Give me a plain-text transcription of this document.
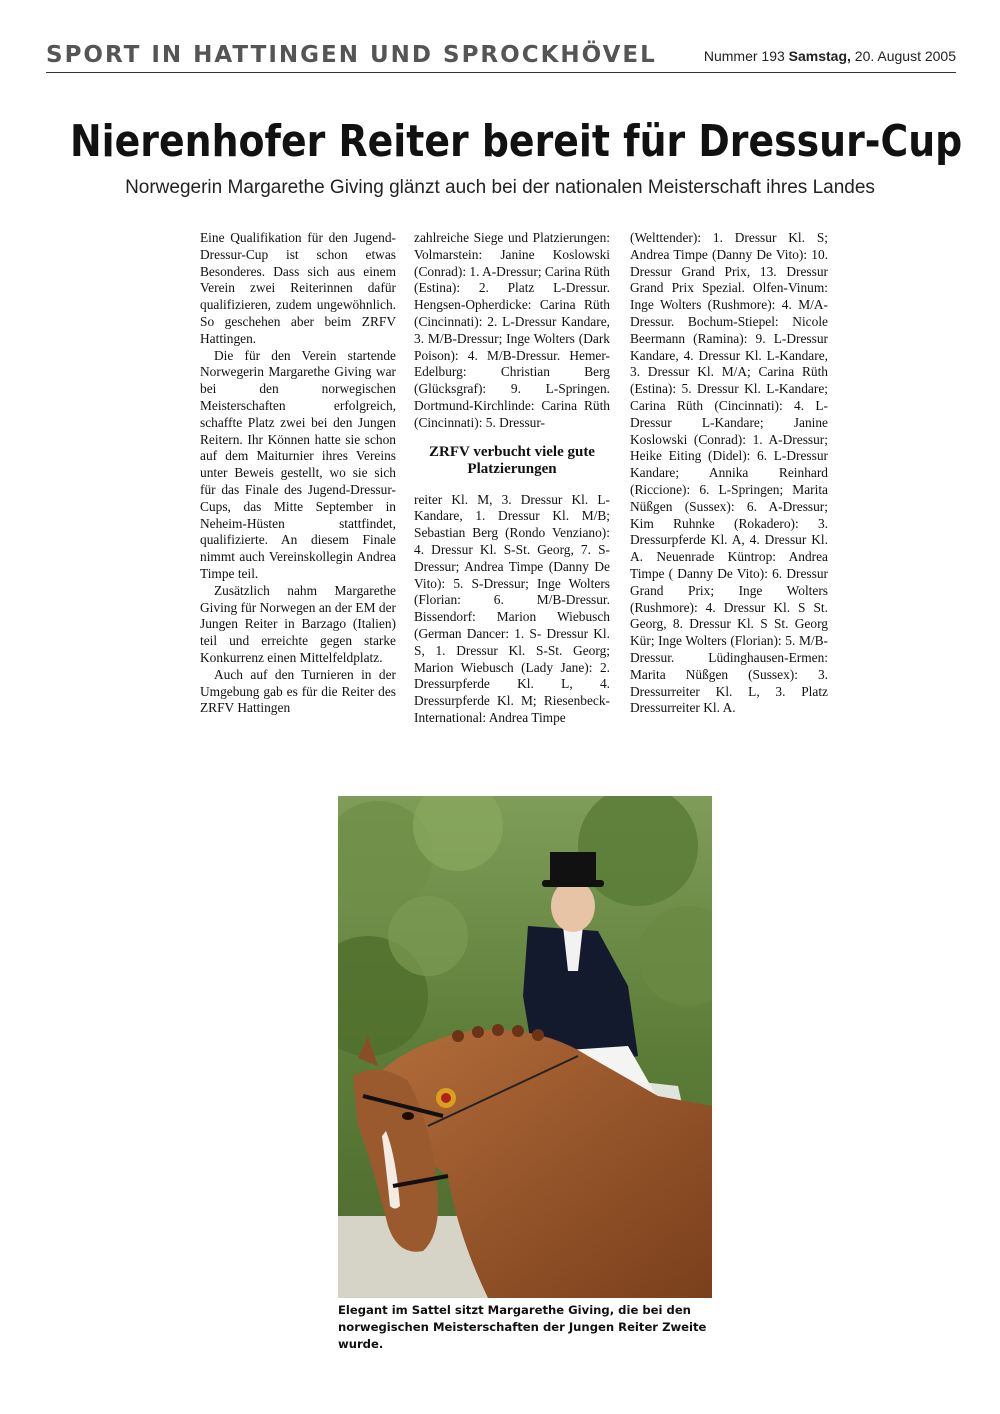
SPORT IN HATTINGEN UND SPROCKHÖVEL	Nummer 193 Samstag, 20. August 2005
Nierenhofer Reiter bereit für Dressur-Cup

Norwegerin Margarethe Giving glänzt auch bei der nationalen Meisterschaft ihres Landes

Eine Qualifikation für den Jugend-Dressur-Cup ist schon etwas Besonderes. Dass sich aus einem Verein zwei Reiterinnen dafür qualifizieren, zudem ungewöhnlich. So geschehen aber beim ZRFV Hattingen.

Die für den Verein startende Norwegerin Margarethe Giving war bei den norwegischen Meisterschaften erfolgreich, schaffte Platz zwei bei den Jungen Reitern. Ihr Können hatte sie schon auf dem Maiturnier ihres Vereins unter Beweis gestellt, wo sie sich für das Finale des Jugend-Dressur-Cups, das Mitte September in Neheim-Hüsten stattfindet, qualifizierte. An diesem Finale nimmt auch Vereinskollegin Andrea Timpe teil.

Zusätzlich nahm Margarethe Giving für Norwegen an der EM der Jungen Reiter in Barzago (Italien) teil und erreichte gegen starke Konkurrenz einen Mittelfeldplatz.

Auch auf den Turnieren in der Umgebung gab es für die Reiter des ZRFV Hattingen

zahlreiche Siege und Platzierungen: Volmarstein: Janine Koslowski (Conrad): 1. A-Dressur; Carina Rüth (Estina): 2. Platz L-Dressur. Hengsen-Opherdicke: Carina Rüth (Cincinnati): 2. L-Dressur Kandare, 3. M/B-Dressur; Inge Wolters (Dark Poison): 4. M/B-Dressur. Hemer-Edelburg: Christian Berg (Glücksgraf): 9. L-Springen. Dortmund-Kirchlinde: Carina Rüth (Cincinnati): 5. Dressur-

ZRFV verbucht viele gute Platzierungen

reiter Kl. M, 3. Dressur Kl. L-Kandare, 1. Dressur Kl. M/B; Sebastian Berg (Rondo Venziano): 4. Dressur Kl. S-St. Georg, 7. S-Dressur; Andrea Timpe (Danny De Vito): 5. S-Dressur; Inge Wolters (Florian: 6. M/B-Dressur. Bissendorf: Marion Wiebusch (German Dancer: 1. S- Dressur Kl. S, 1. Dressur Kl. S-St. Georg; Marion Wiebusch (Lady Jane): 2. Dressurpferde Kl. L, 4. Dressurpferde Kl. M; Riesenbeck-International: Andrea Timpe

(Welttender): 1. Dressur Kl. S; Andrea Timpe (Danny De Vito): 10. Dressur Grand Prix, 13. Dressur Grand Prix Spezial. Olfen-Vinum: Inge Wolters (Rushmore): 4. M/A-Dressur. Bochum-Stiepel: Nicole Beermann (Ramina): 9. L-Dressur Kandare, 4. Dressur Kl. L-Kandare, 3. Dressur Kl. M/A; Carina Rüth (Estina): 5. Dressur Kl. L-Kandare; Carina Rüth (Cincinnati): 4. L-Dressur L-Kandare; Janine Koslowski (Conrad): 1. A-Dressur; Heike Eiting (Didel): 6. L-Dressur Kandare; Annika Reinhard (Riccione): 6. L-Springen; Marita Nüßgen (Sussex): 6. A-Dressur; Kim Ruhnke (Rokadero): 3. Dressurpferde Kl. A, 4. Dressur Kl. A. Neuenrade Küntrop: Andrea Timpe ( Danny De Vito): 6. Dressur Grand Prix; Inge Wolters (Rushmore): 4. Dressur Kl. S St. Georg, 8. Dressur Kl. S St. Georg Kür; Inge Wolters (Florian): 5. M/B- Dressur. Lüdinghausen-Ermen: Marita Nüßgen (Sussex): 3. Dressurreiter Kl. L, 3. Platz Dressurreiter Kl. A.

Elegant im Sattel sitzt Margarethe Giving, die bei den norwegischen Meisterschaften der Jungen Reiter Zweite wurde.
